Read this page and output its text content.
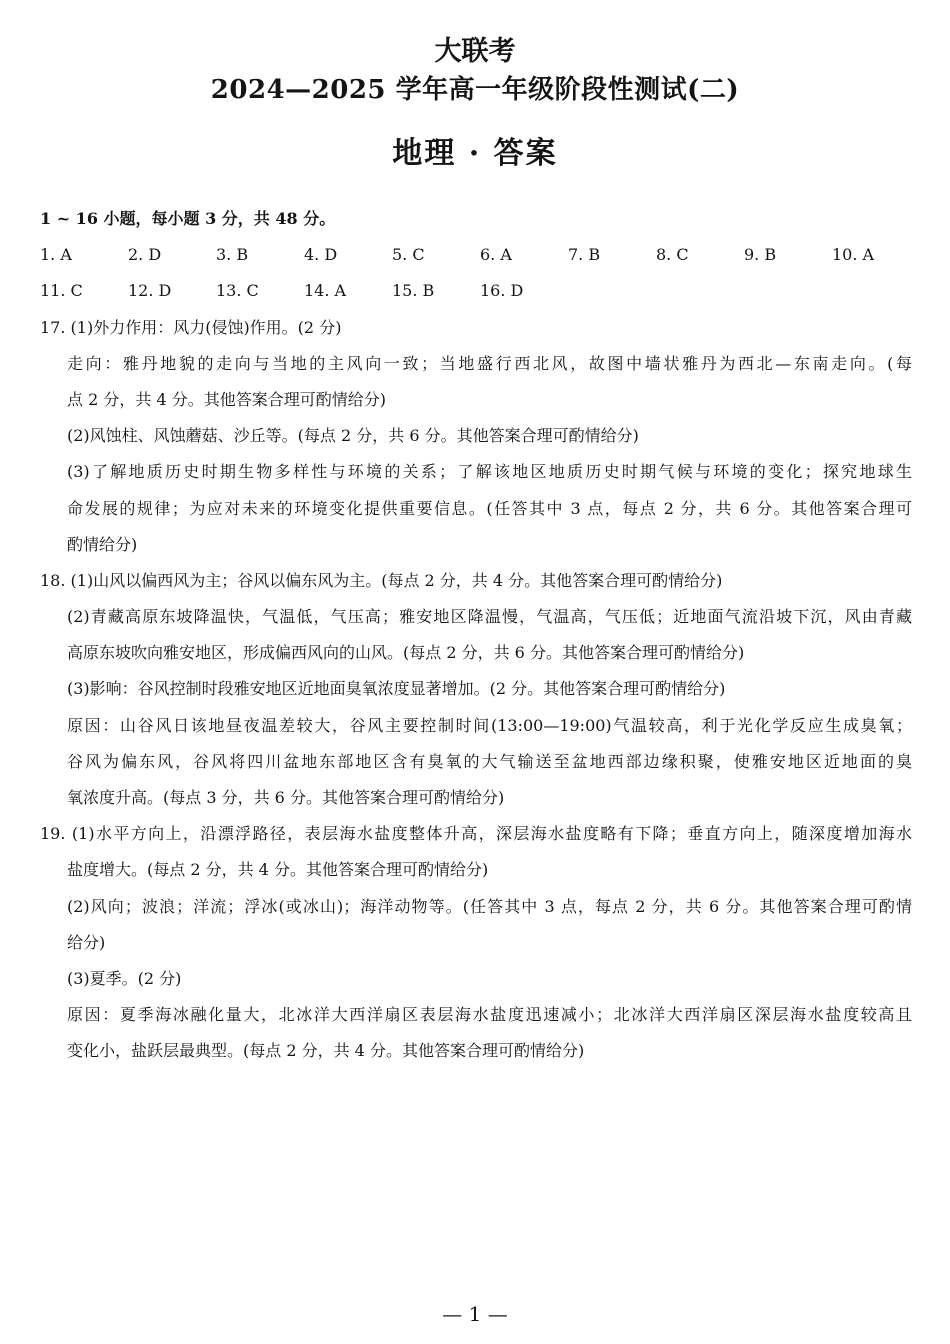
大联考
2024—2025 学年高一年级阶段性测试(二)
地理 · 答案
1 ~ 16 小题，每小题 3 分，共 48 分。
1. A	2. D	3. B	4. D	5. C	6. A	7. B	8. C	9. B	10. A
11. C	12. D	13. C	14. A	15. B	16. D
17. (1)外力作用：风力(侵蚀)作用。(2 分)
走向：雅丹地貌的走向与当地的主风向一致；当地盛行西北风，故图中墙状雅丹为西北—东南走向。(每
点 2 分，共 4 分。其他答案合理可酌情给分)
(2)风蚀柱、风蚀蘑菇、沙丘等。(每点 2 分，共 6 分。其他答案合理可酌情给分)
(3)了解地质历史时期生物多样性与环境的关系；了解该地区地质历史时期气候与环境的变化；探究地球生
命发展的规律；为应对未来的环境变化提供重要信息。(任答其中 3 点，每点 2 分，共 6 分。其他答案合理可
酌情给分)
18. (1)山风以偏西风为主；谷风以偏东风为主。(每点 2 分，共 4 分。其他答案合理可酌情给分)
(2)青藏高原东坡降温快，气温低，气压高；雅安地区降温慢，气温高，气压低；近地面气流沿坡下沉，风由青藏
高原东坡吹向雅安地区，形成偏西风向的山风。(每点 2 分，共 6 分。其他答案合理可酌情给分)
(3)影响：谷风控制时段雅安地区近地面臭氧浓度显著增加。(2 分。其他答案合理可酌情给分)
原因：山谷风日该地昼夜温差较大，谷风主要控制时间(13:00—19:00)气温较高，利于光化学反应生成臭氧；
谷风为偏东风，谷风将四川盆地东部地区含有臭氧的大气输送至盆地西部边缘积聚，使雅安地区近地面的臭
氧浓度升高。(每点 3 分，共 6 分。其他答案合理可酌情给分)
19. (1)水平方向上，沿漂浮路径，表层海水盐度整体升高，深层海水盐度略有下降；垂直方向上，随深度增加海水
盐度增大。(每点 2 分，共 4 分。其他答案合理可酌情给分)
(2)风向；波浪；洋流；浮冰(或冰山)；海洋动物等。(任答其中 3 点，每点 2 分，共 6 分。其他答案合理可酌情
给分)
(3)夏季。(2 分)
原因：夏季海冰融化量大，北冰洋大西洋扇区表层海水盐度迅速减小；北冰洋大西洋扇区深层海水盐度较高且
变化小，盐跃层最典型。(每点 2 分，共 4 分。其他答案合理可酌情给分)
— 1 —
